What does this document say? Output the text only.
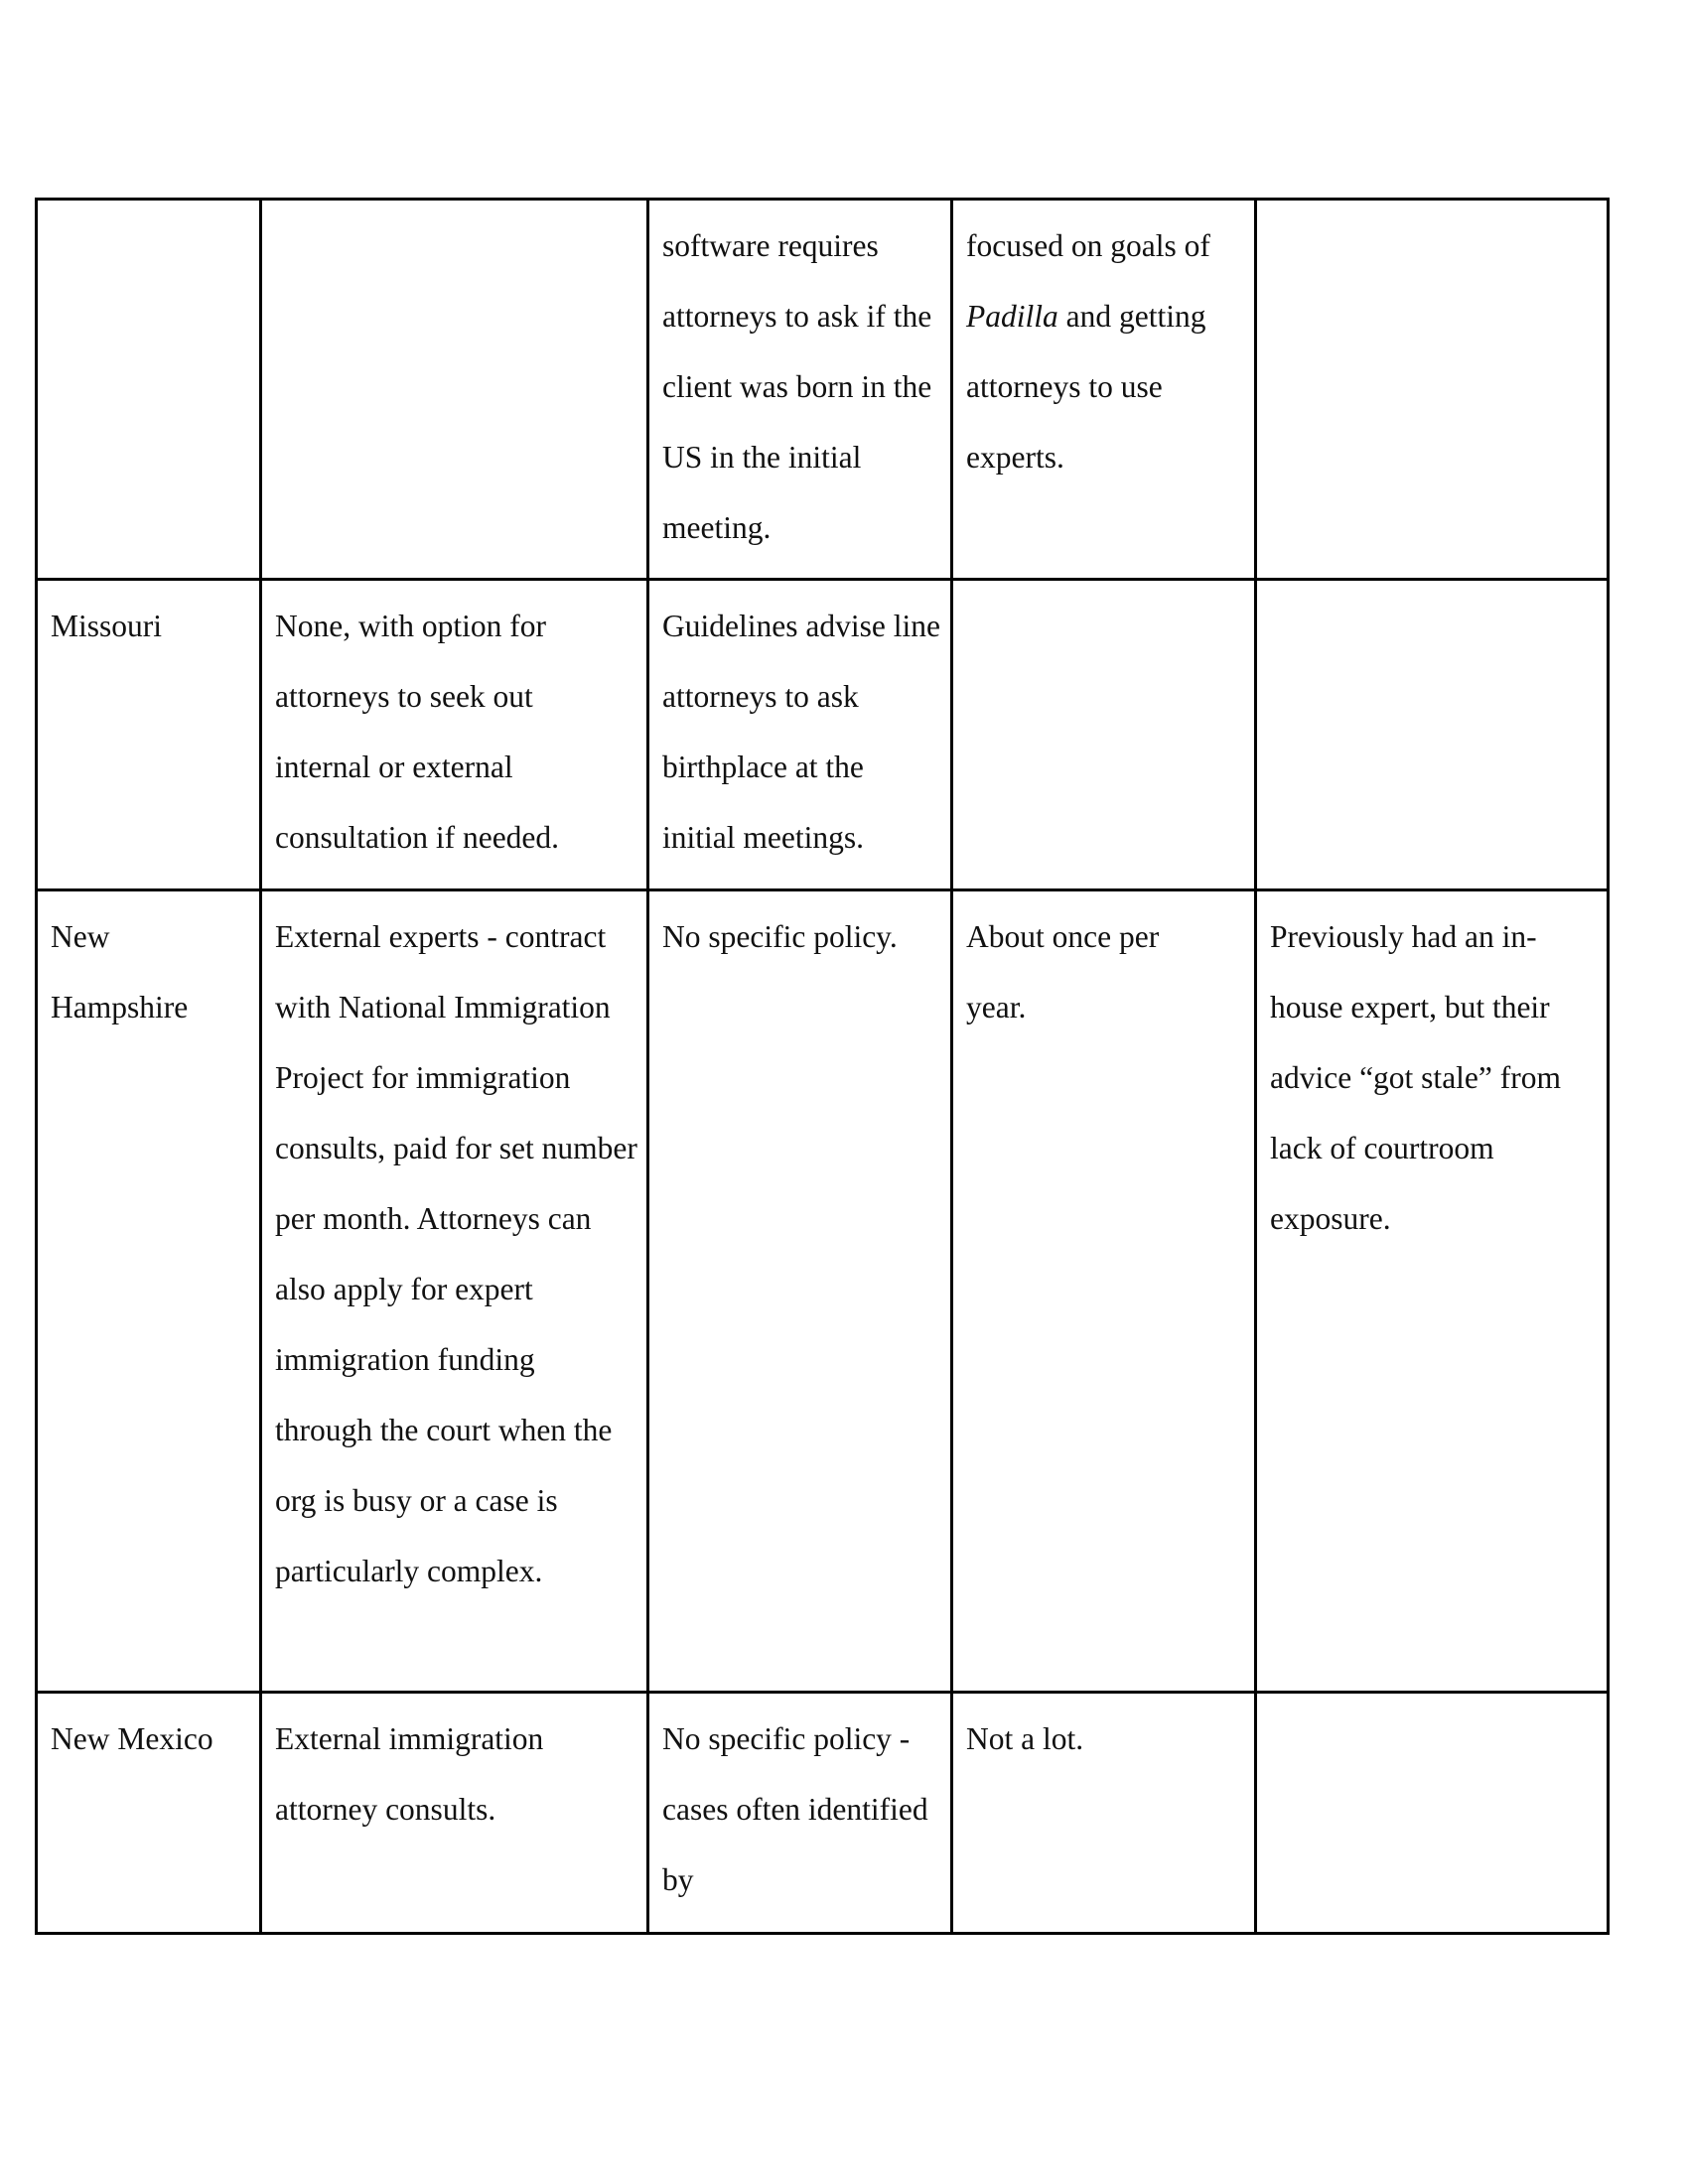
		software requires attorneys to ask if the client was born in the US in the initial meeting.	focused on goals of Padilla and getting attorneys to use experts.	

Missouri	None, with option for attorneys to seek out internal or external consultation if needed.	Guidelines advise line attorneys to ask birthplace at the initial meetings.		

New Hampshire	External experts - contract with National Immigration Project for immigration consults, paid for set number per month. Attorneys can also apply for expert immigration funding through the court when the org is busy or a case is particularly complex.	No specific policy.	About once per year.	Previously had an in-house expert, but their advice “got stale” from lack of courtroom exposure.

New Mexico	External immigration attorney consults.	No specific policy - cases often identified by	Not a lot.	
